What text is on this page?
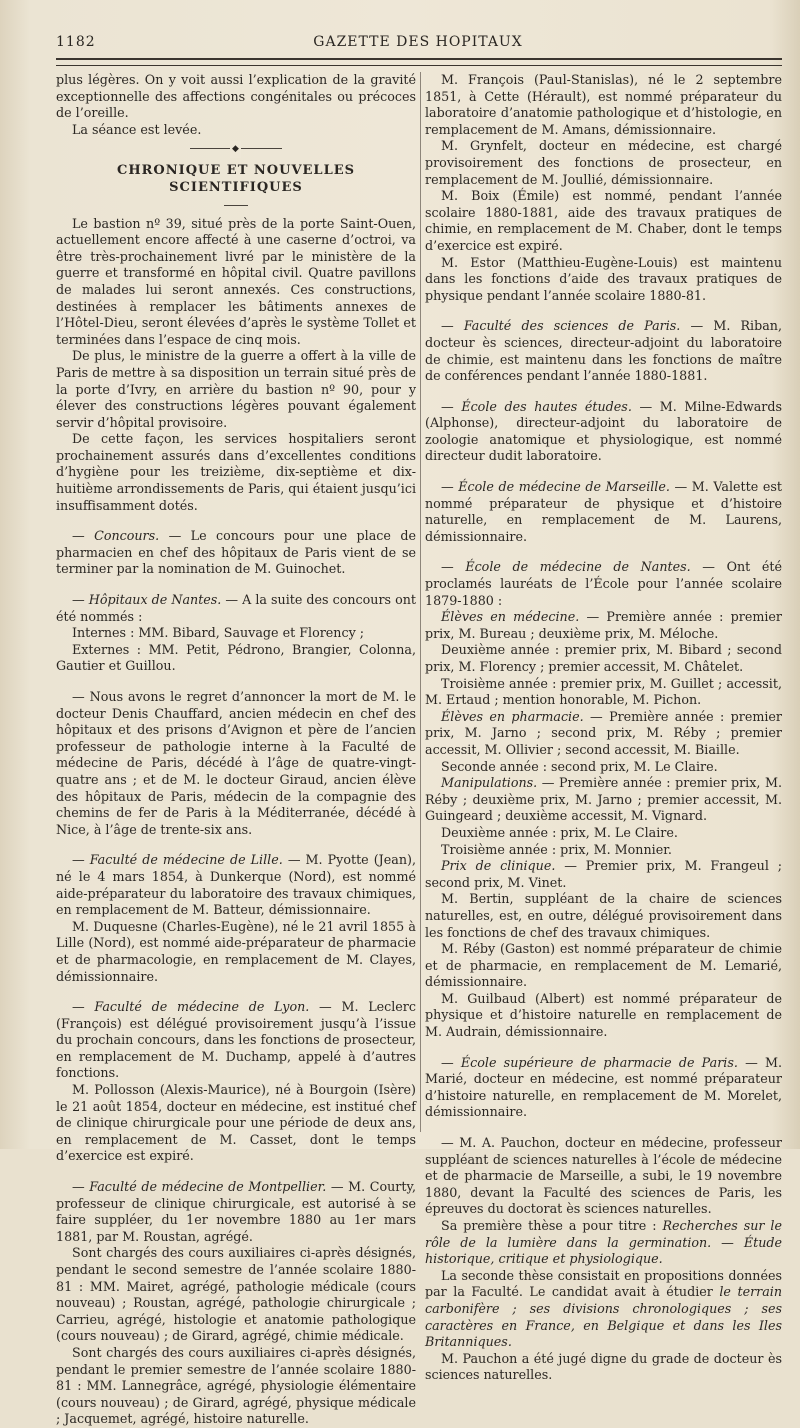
1182	GAZETTE DES HOPITAUX

plus légères. On y voit aussi l’explication de la gravité exceptionnelle des affections congénitales ou précoces de l’oreille.

La séance est levée.

◆
CHRONIQUE ET NOUVELLES SCIENTIFIQUES

Le bastion nº 39, situé près de la porte Saint-Ouen, actuellement encore affecté à une caserne d’octroi, va être très-prochainement livré par le ministère de la guerre et transformé en hôpital civil. Quatre pavillons de malades lui seront annexés. Ces constructions, destinées à remplacer les bâtiments annexes de l’Hôtel-Dieu, seront élevées d’après le système Tollet et terminées dans l’espace de cinq mois.

De plus, le ministre de la guerre a offert à la ville de Paris de mettre à sa disposition un terrain situé près de la porte d’Ivry, en arrière du bastion nº 90, pour y élever des constructions légères pouvant également servir d’hôpital provisoire.

De cette façon, les services hospitaliers seront prochainement assurés dans d’excellentes conditions d’hygiène pour les treizième, dix-septième et dix-huitième arrondissements de Paris, qui étaient jusqu’ici insuffisamment dotés.

— Concours. — Le concours pour une place de pharmacien en chef des hôpitaux de Paris vient de se terminer par la nomination de M. Guinochet.

— Hôpitaux de Nantes. — A la suite des concours ont été nommés :

Internes : MM. Bibard, Sauvage et Florency ;

Externes : MM. Petit, Pédrono, Brangier, Colonna, Gautier et Guillou.

— Nous avons le regret d’annoncer la mort de M. le docteur Denis Chauffard, ancien médecin en chef des hôpitaux et des prisons d’Avignon et père de l’ancien professeur de pathologie interne à la Faculté de médecine de Paris, décédé à l’âge de quatre-vingt-quatre ans ; et de M. le docteur Giraud, ancien élève des hôpitaux de Paris, médecin de la compagnie des chemins de fer de Paris à la Méditerranée, décédé à Nice, à l’âge de trente-six ans.

— Faculté de médecine de Lille. — M. Pyotte (Jean), né le 4 mars 1854, à Dunkerque (Nord), est nommé aide-préparateur du laboratoire des travaux chimiques, en remplacement de M. Batteur, démissionnaire.

M. Duquesne (Charles-Eugène), né le 21 avril 1855 à Lille (Nord), est nommé aide-préparateur de pharmacie et de pharmacologie, en remplacement de M. Clayes, démissionnaire.

— Faculté de médecine de Lyon. — M. Leclerc (François) est délégué provisoirement jusqu’à l’issue du prochain concours, dans les fonctions de prosecteur, en remplacement de M. Duchamp, appelé à d’autres fonctions.

M. Pollosson (Alexis-Maurice), né à Bourgoin (Isère) le 21 août 1854, docteur en médecine, est institué chef de clinique chirurgicale pour une période de deux ans, en remplacement de M. Casset, dont le temps d’exercice est expiré.

— Faculté de médecine de Montpellier. — M. Courty, professeur de clinique chirurgicale, est autorisé à se faire suppléer, du 1er novembre 1880 au 1er mars 1881, par M. Roustan, agrégé.

Sont chargés des cours auxiliaires ci-après désignés, pendant le second semestre de l’année scolaire 1880-81 : MM. Mairet, agrégé, pathologie médicale (cours nouveau) ; Roustan, agrégé, pathologie chirurgicale ; Carrieu, agrégé, histologie et anatomie pathologique (cours nouveau) ; de Girard, agrégé, chimie médicale.

Sont chargés des cours auxiliaires ci-après désignés, pendant le premier semestre de l’année scolaire 1880-81 : MM. Lannegrâce, agrégé, physiologie élémentaire (cours nouveau) ; de Girard, agrégé, physique médicale ; Jacquemet, agrégé, histoire naturelle.

M. François (Paul-Stanislas), né le 2 septembre 1851, à Cette (Hérault), est nommé préparateur du laboratoire d’anatomie pathologique et d’histologie, en remplacement de M. Amans, démissionnaire.

M. Grynfelt, docteur en médecine, est chargé provisoirement des fonctions de prosecteur, en remplacement de M. Joullié, démissionnaire.

M. Boix (Émile) est nommé, pendant l’année scolaire 1880-1881, aide des travaux pratiques de chimie, en remplacement de M. Chaber, dont le temps d’exercice est expiré.

M. Estor (Matthieu-Eugène-Louis) est maintenu dans les fonctions d’aide des travaux pratiques de physique pendant l’année scolaire 1880-81.

— Faculté des sciences de Paris. — M. Riban, docteur ès sciences, directeur-adjoint du laboratoire de chimie, est maintenu dans les fonctions de maître de conférences pendant l’année 1880-1881.

— École des hautes études. — M. Milne-Edwards (Alphonse), directeur-adjoint du laboratoire de zoologie anatomique et physiologique, est nommé directeur dudit laboratoire.

— École de médecine de Marseille. — M. Valette est nommé préparateur de physique et d’histoire naturelle, en remplacement de M. Laurens, démissionnaire.

— École de médecine de Nantes. — Ont été proclamés lauréats de l’École pour l’année scolaire 1879-1880 :

Élèves en médecine. — Première année : premier prix, M. Bureau ; deuxième prix, M. Méloche.

Deuxième année : premier prix, M. Bibard ; second prix, M. Florency ; premier accessit, M. Châtelet.

Troisième année : premier prix, M. Guillet ; accessit, M. Ertaud ; mention honorable, M. Pichon.

Élèves en pharmacie. — Première année : premier prix, M. Jarno ; second prix, M. Réby ; premier accessit, M. Ollivier ; second accessit, M. Biaille.

Seconde année : second prix, M. Le Claire.

Manipulations. — Première année : premier prix, M. Réby ; deuxième prix, M. Jarno ; premier accessit, M. Guingeard ; deuxième accessit, M. Vignard.

Deuxième année : prix, M. Le Claire.

Troisième année : prix, M. Monnier.

Prix de clinique. — Premier prix, M. Frangeul ; second prix, M. Vinet.

M. Bertin, suppléant de la chaire de sciences naturelles, est, en outre, délégué provisoirement dans les fonctions de chef des travaux chimiques.

M. Réby (Gaston) est nommé préparateur de chimie et de pharmacie, en remplacement de M. Lemarié, démissionnaire.

M. Guilbaud (Albert) est nommé préparateur de physique et d’histoire naturelle en remplacement de M. Audrain, démissionnaire.

— École supérieure de pharmacie de Paris. — M. Marié, docteur en médecine, est nommé préparateur d’histoire naturelle, en remplacement de M. Morelet, démissionnaire.

— M. A. Pauchon, docteur en médecine, professeur suppléant de sciences naturelles à l’école de médecine et de pharmacie de Marseille, a subi, le 19 novembre 1880, devant la Faculté des sciences de Paris, les épreuves du doctorat ès sciences naturelles.

Sa première thèse a pour titre : Recherches sur le rôle de la lumière dans la germination. — Étude historique, critique et physiologique.

La seconde thèse consistait en propositions données par la Faculté. Le candidat avait à étudier le terrain carbonifère ; ses divisions chronologiques ; ses caractères en France, en Belgique et dans les Iles Britanniques.

M. Pauchon a été jugé digne du grade de docteur ès sciences naturelles.
